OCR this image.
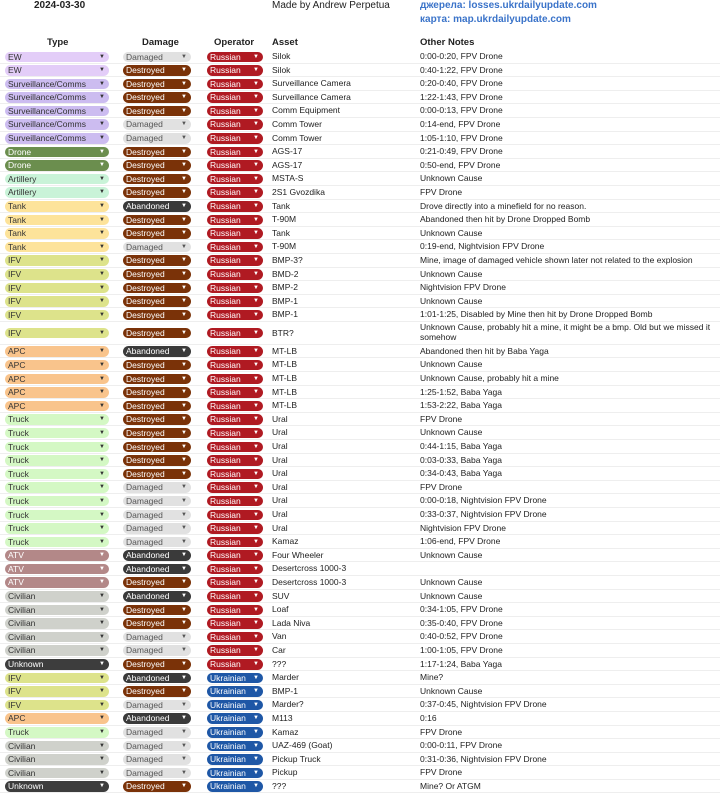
2024-03-30	Made by Andrew Perpetua	джерела: losses.ukrdailyupdate.com
карта: map.ukrdailyupdate.com
Type	Damage	Operator Asset	Other Notes
EW	▼	Damaged	▼	Russian ▼ Silok	0:00-0:20, FPV Drone
EW	▼	Destroyed	▼	Russian ▼ Silok	0:40-1:22, FPV Drone
Surveillance/Comms ▼	Destroyed	▼	Russian ▼ Surveillance Camera	0:20-0:40, FPV Drone
Surveillance/Comms ▼	Destroyed	▼	Russian ▼ Surveillance Camera	1:22-1:43, FPV Drone
Surveillance/Comms ▼	Destroyed	▼	Russian ▼ Comm Equipment	0:00-0:13, FPV Drone
Surveillance/Comms ▼	Damaged	▼	Russian ▼ Comm Tower	0:14-end, FPV Drone
Surveillance/Comms ▼	Damaged	▼	Russian ▼ Comm Tower	1:05-1:10, FPV Drone
Drone	▼	Destroyed	▼	Russian ▼ AGS-17	0:21-0:49, FPV Drone
Drone	▼	Destroyed	▼	Russian ▼ AGS-17	0:50-end, FPV Drone
Artillery	▼	Destroyed	▼	Russian ▼ MSTA-S	Unknown Cause
Artillery	▼	Destroyed	▼	Russian ▼ 2S1 Gvozdika	FPV Drone
Tank	▼	Abandoned ▼	Russian ▼ Tank	Drove directly into a minefield for no reason.
Tank	▼	Destroyed	▼	Russian ▼ T-90M	Abandoned then hit by Drone Dropped Bomb
Tank	▼	Destroyed	▼	Russian ▼ Tank	Unknown Cause
Tank	▼	Damaged	▼	Russian ▼ T-90M	0:19-end, Nightvision FPV Drone
IFV	▼	Destroyed	▼	Russian ▼ BMP-3?	Mine, image of damaged vehicle shown later not related to the explosion
IFV	▼	Destroyed	▼	Russian ▼ BMD-2	Unknown Cause
IFV	▼	Destroyed	▼	Russian ▼ BMP-2	Nightvision FPV Drone
IFV	▼	Destroyed	▼	Russian ▼ BMP-1	Unknown Cause
IFV	▼	Destroyed	▼	Russian ▼ BMP-1	1:01-1:25, Disabled by Mine then hit by Drone Dropped Bomb
IFV	▼	Destroyed	▼	Russian ▼ BTR?
Unknown Cause, probably hit a mine, it might be a bmp. Old but we missed it somehow
APC	▼	Abandoned ▼	Russian ▼ MT-LB	Abandoned then hit by Baba Yaga
APC	▼	Destroyed	▼	Russian ▼ MT-LB	Unknown Cause
APC	▼	Destroyed	▼	Russian ▼ MT-LB	Unknown Cause, probably hit a mine
APC	▼	Destroyed	▼	Russian ▼ MT-LB	1:25-1:52, Baba Yaga
APC	▼	Destroyed	▼	Russian ▼ MT-LB	1:53-2:22, Baba Yaga
Truck	▼	Destroyed	▼	Russian ▼ Ural	FPV Drone
Truck	▼	Destroyed	▼	Russian ▼ Ural	Unknown Cause
Truck	▼	Destroyed	▼	Russian ▼ Ural	0:44-1:15, Baba Yaga
Truck	▼	Destroyed	▼	Russian ▼ Ural	0:03-0:33, Baba Yaga
Truck	▼	Destroyed	▼	Russian ▼ Ural	0:34-0:43, Baba Yaga
Truck	▼	Damaged	▼	Russian ▼ Ural	FPV Drone
Truck	▼	Damaged	▼	Russian ▼ Ural	0:00-0:18, Nightvision FPV Drone
Truck	▼	Damaged	▼	Russian ▼ Ural	0:33-0:37, Nightvision FPV Drone
Truck	▼	Damaged	▼	Russian ▼ Ural	Nightvision FPV Drone
Truck	▼	Damaged	▼	Russian ▼ Kamaz	1:06-end, FPV Drone
ATV	▼	Abandoned ▼	Russian ▼ Four Wheeler	Unknown Cause
ATV	▼	Abandoned ▼	Russian ▼ Desertcross 1000-3
ATV	▼	Destroyed	▼	Russian ▼ Desertcross 1000-3	Unknown Cause
Civilian	▼	Abandoned ▼	Russian ▼ SUV	Unknown Cause
Civilian	▼	Destroyed	▼	Russian ▼ Loaf	0:34-1:05, FPV Drone
Civilian	▼	Destroyed	▼	Russian ▼ Lada Niva	0:35-0:40, FPV Drone
Civilian	▼	Damaged	▼	Russian ▼ Van	0:40-0:52, FPV Drone
Civilian	▼	Damaged	▼	Russian ▼ Car	1:00-1:05, FPV Drone
Unknown	▼	Destroyed	▼	Russian ▼ ???	1:17-1:24, Baba Yaga
IFV	▼	Abandoned ▼	Ukrainian ▼ Marder	Mine?
IFV	▼	Destroyed	▼	Ukrainian ▼ BMP-1	Unknown Cause
IFV	▼	Damaged	▼	Ukrainian ▼ Marder?	0:37-0:45, Nightvision FPV Drone
APC	▼	Abandoned ▼	Ukrainian ▼ M113	0:16
Truck	▼	Damaged	▼	Ukrainian ▼ Kamaz	FPV Drone
Civilian	▼	Damaged	▼	Ukrainian ▼ UAZ-469 (Goat)	0:00-0:11, FPV Drone
Civilian	▼	Damaged	▼	Ukrainian ▼ Pickup Truck	0:31-0:36, Nightvision FPV Drone
Civilian	▼	Damaged	▼	Ukrainian ▼ Pickup	FPV Drone
Unknown	▼	Destroyed	▼	Ukrainian ▼ ???	Mine? Or ATGM
